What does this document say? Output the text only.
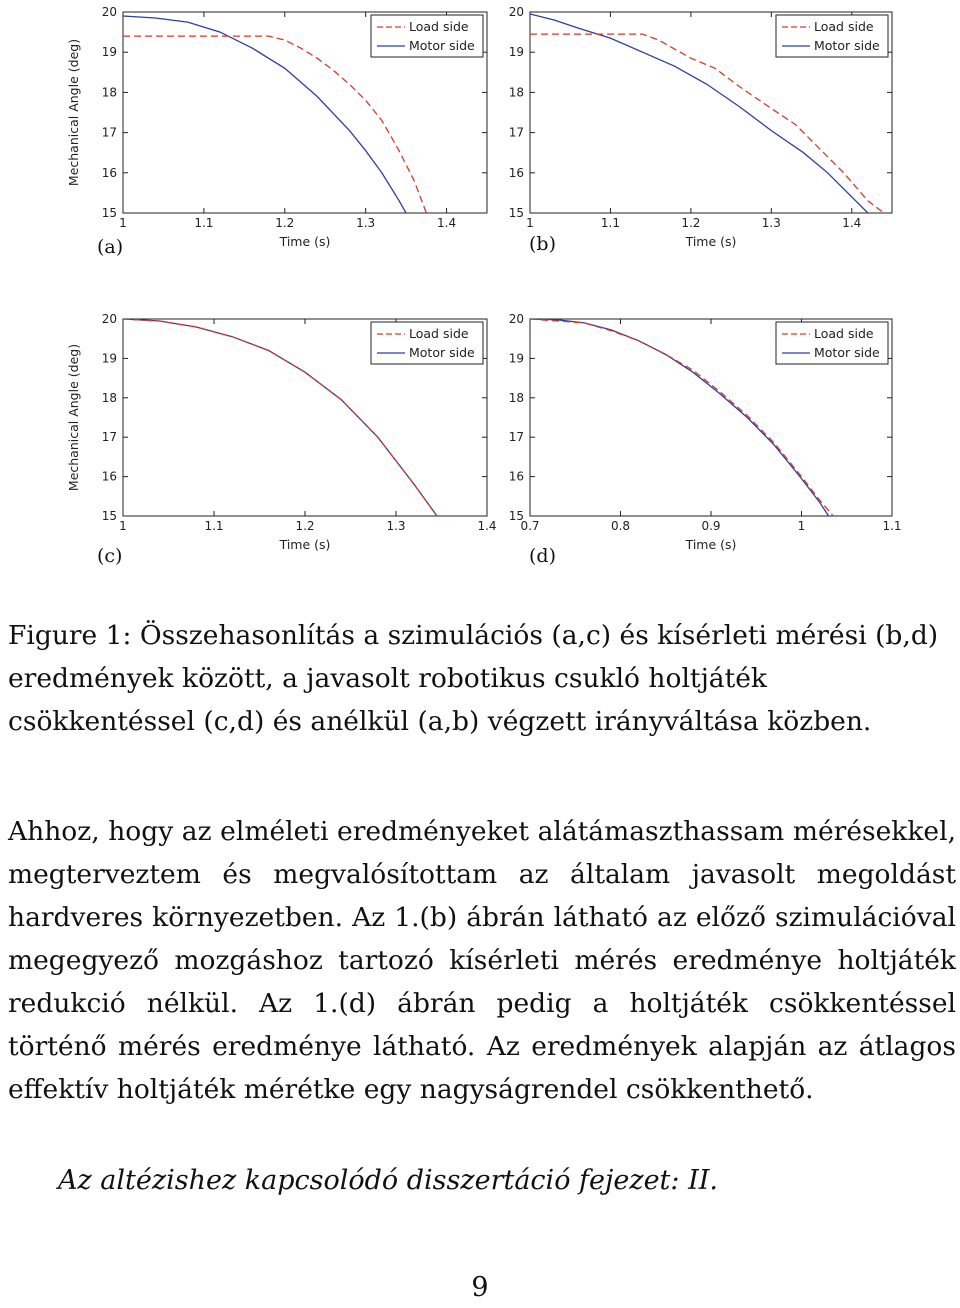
1	1.1	1.2	1.3	1.4
15
16
17
18
19
20
Time (s)
Mechanical Angle (deg)
Load side
Motor side
1	1.1	1.2	1.3	1.4
15
16
17
18
19
20
Time (s)
Load side
Motor side
1	1.1	1.2	1.3	1.4
15
16
17
18
19
20
Time (s)
Mechanical Angle (deg)
Load side
Motor side
0.7	0.8	0.9	1	1.1
15
16
17
18
19
20
Time (s)
Load side
Motor side
(a)	(b)
(c)	(d)
Figure 1: Összehasonlítás a szimulációs (a,c) és kísérleti mérési (b,d) eredmények között, a javasolt robotikus csukló holtjáték csökkentéssel (c,d) és anélkül (a,b) végzett irányváltása közben.
Ahhoz, hogy az elméleti eredményeket alátámaszthassam mérésekkel, megterveztem és megvalósítottam az általam javasolt megoldást hardveres környezetben. Az 1.(b) ábrán látható az előző szimulációval megegyező mozgáshoz tartozó kísérleti mérés eredménye holtjáték redukció nélkül. Az 1.(d) ábrán pedig a holtjáték csökkentéssel történő mérés eredménye látható. Az eredmények alapján az átlagos effektív holtjáték mérétke egy nagyságrendel csökkenthető.
Az altézishez kapcsolódó disszertáció fejezet: II.
9
